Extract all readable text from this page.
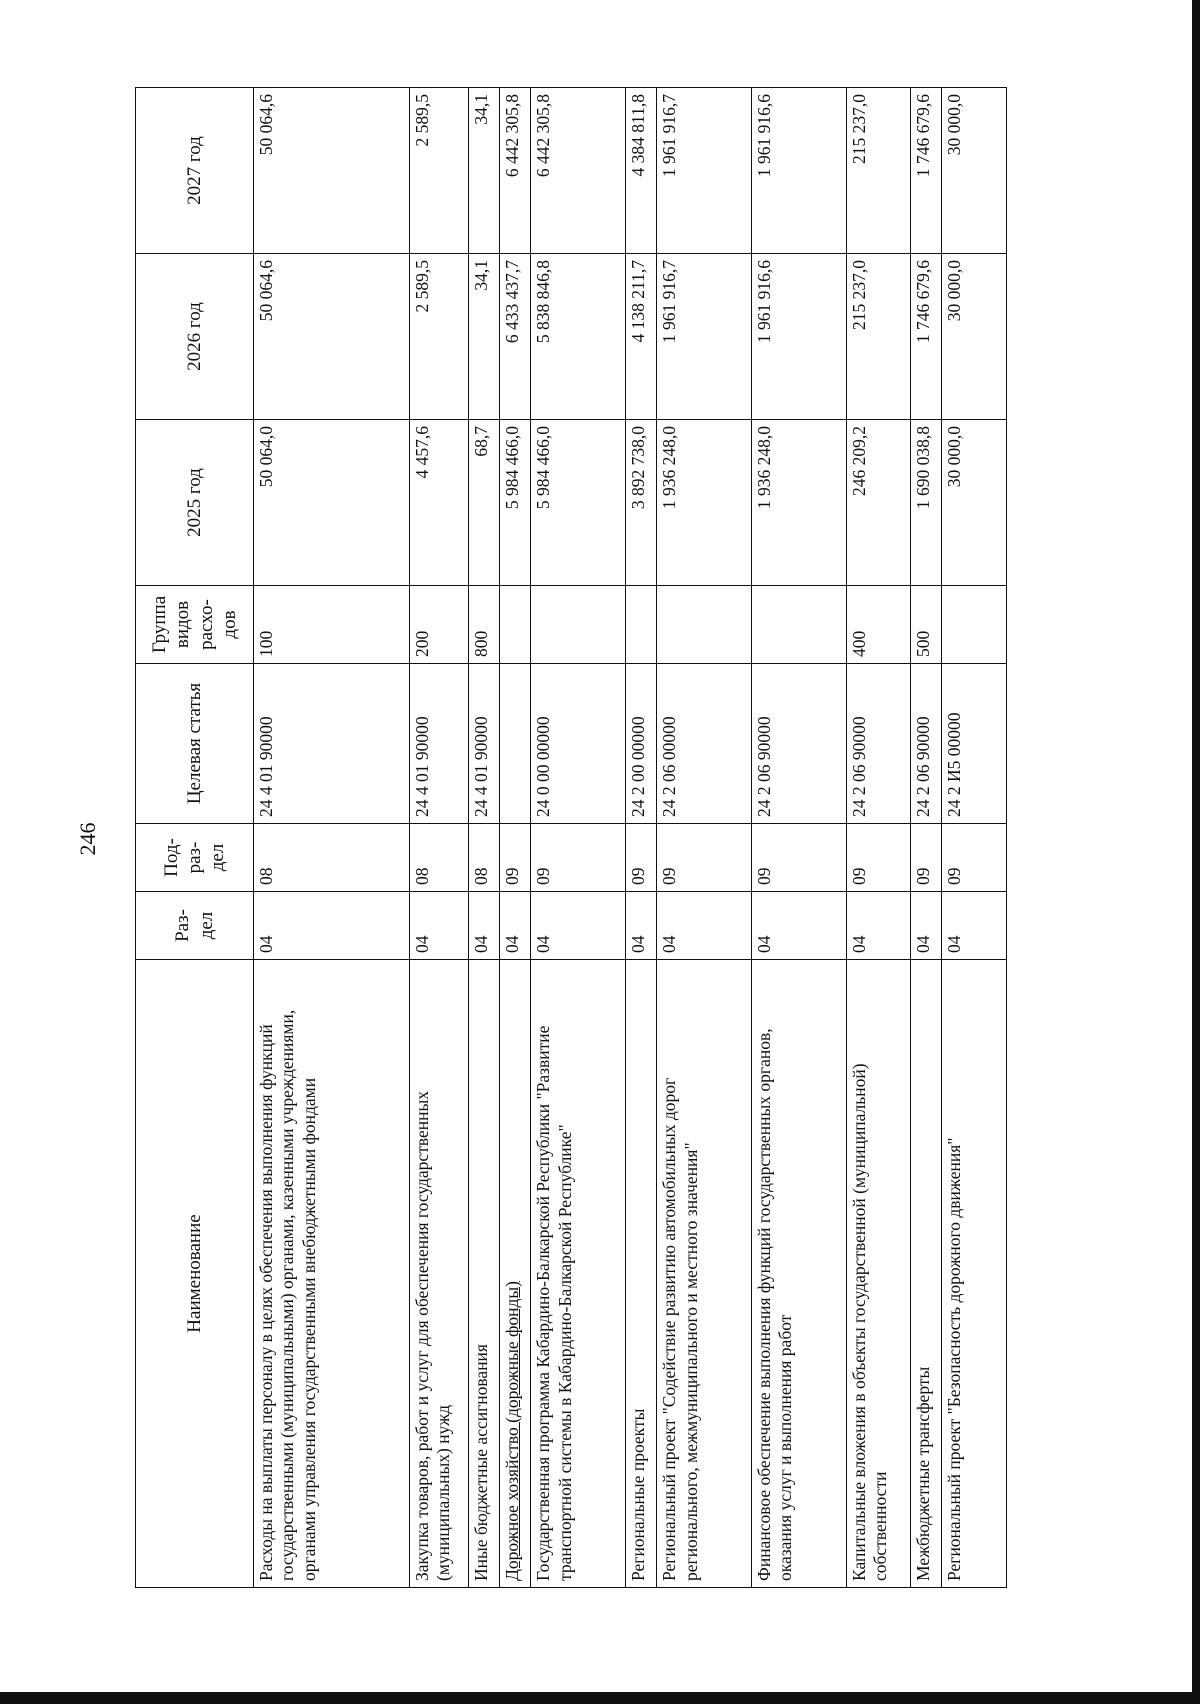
246
Наименование	Раз-дел	Под-раз-дел	Целевая статья	Группа видов расхо-дов	2025 год	2026 год	2027 год
Расходы на выплаты персоналу в целях обеспечения выполнения функций государственными (муниципальными) органами, казенными учреждениями, органами управления государственными внебюджетными фондами	04	08	24 4 01 90000	100	50 064,0	50 064,6	50 064,6
Закупка товаров, работ и услуг для обеспечения государственных (муниципальных) нужд	04	08	24 4 01 90000	200	4 457,6	2 589,5	2 589,5
Иные бюджетные ассигнования	04	08	24 4 01 90000	800	68,7	34,1	34,1
Дорожное хозяйство (дорожные фонды)	04	09			5 984 466,0	6 433 437,7	6 442 305,8
Государственная программа Кабардино-Балкарской Республики "Развитие транспортной системы в Кабардино-Балкарской Республике"	04	09	24 0 00 00000		5 984 466,0	5 838 846,8	6 442 305,8
Региональные проекты	04	09	24 2 00 00000		3 892 738,0	4 138 211,7	4 384 811,8
Региональный проект "Содействие развитию автомобильных дорог регионального, межмуниципального и местного значения"	04	09	24 2 06 00000		1 936 248,0	1 961 916,7	1 961 916,7
Финансовое обеспечение выполнения функций государственных органов, оказания услуг и выполнения работ	04	09	24 2 06 90000		1 936 248,0	1 961 916,6	1 961 916,6
Капитальные вложения в объекты государственной (муниципальной) собственности	04	09	24 2 06 90000	400	246 209,2	215 237,0	215 237,0
Межбюджетные трансферты	04	09	24 2 06 90000	500	1 690 038,8	1 746 679,6	1 746 679,6
Региональный проект "Безопасность дорожного движения"	04	09	24 2 И5 00000		30 000,0	30 000,0	30 000,0
